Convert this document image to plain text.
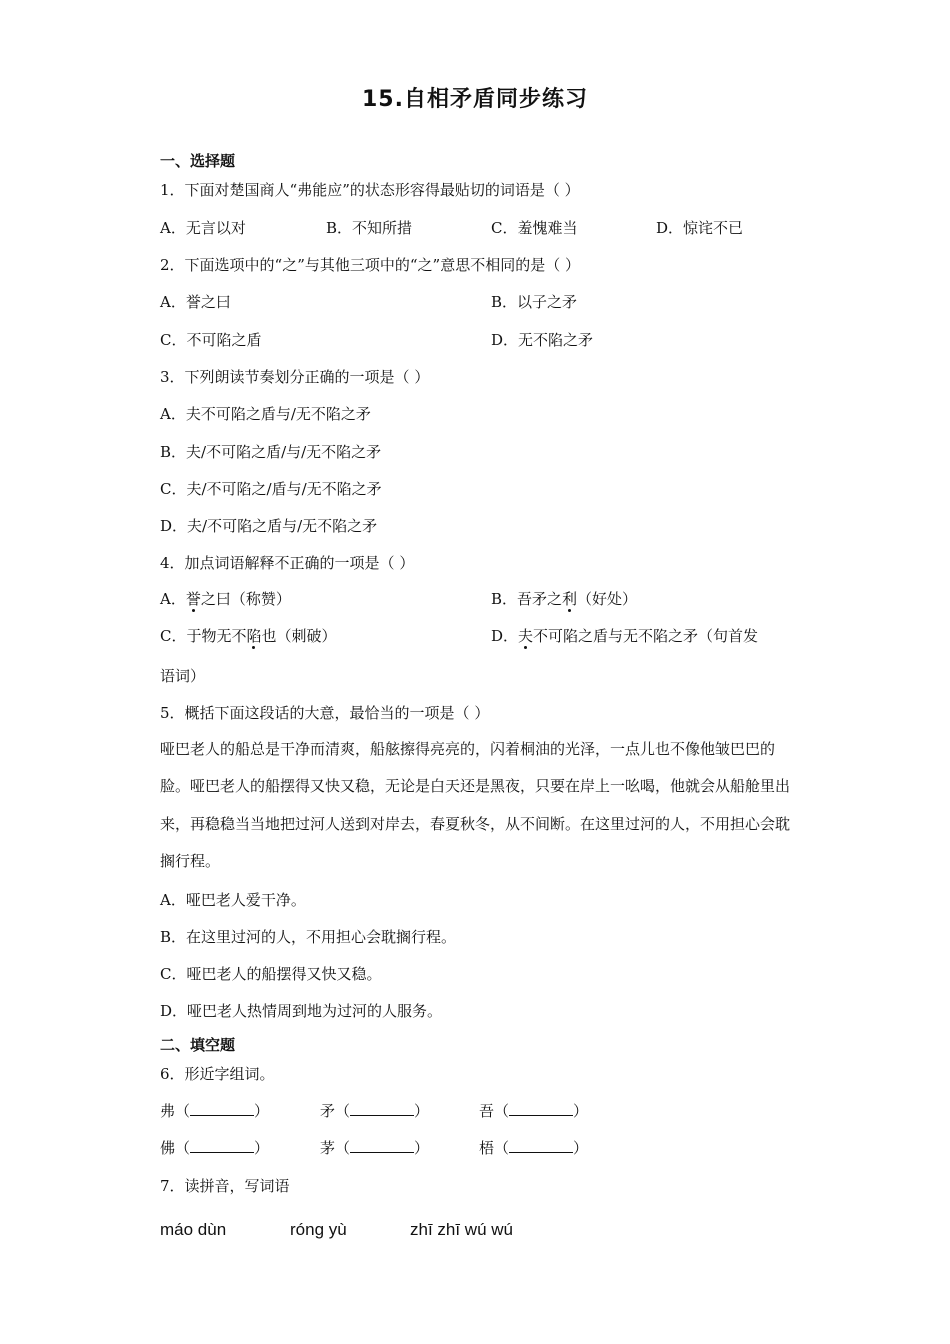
15.自相矛盾同步练习
一、选择题
1．下面对楚国商人“弗能应”的状态形容得最贴切的词语是（ ）
A．无言以对	B．不知所措	C．羞愧难当	D．惊诧不已
2．下面选项中的“之”与其他三项中的“之”意思不相同的是（ ）
A．誉之曰	B．以子之矛
C．不可陷之盾	D．无不陷之矛
3．下列朗读节奏划分正确的一项是（ ）
A．夫不可陷之盾与/无不陷之矛
B．夫/不可陷之盾/与/无不陷之矛
C．夫/不可陷之/盾与/无不陷之矛
D．夫/不可陷之盾与/无不陷之矛
4．加点词语解释不正确的一项是（ ）
A．誉之曰（称赞）	B．吾矛之利（好处）
C．于物无不陷也（刺破）	D．夫不可陷之盾与无不陷之矛（句首发
语词）
5．概括下面这段话的大意，最恰当的一项是（ ）
哑巴老人的船总是干净而清爽，船舷擦得亮亮的，闪着桐油的光泽，一点儿也不像他皱巴巴的脸。哑巴老人的船摆得又快又稳，无论是白天还是黑夜，只要在岸上一吆喝，他就会从船舱里出来，再稳稳当当地把过河人送到对岸去，春夏秋冬，从不间断。在这里过河的人，不用担心会耽搁行程。
A．哑巴老人爱干净。
B．在这里过河的人，不用担心会耽搁行程。
C．哑巴老人的船摆得又快又稳。
D．哑巴老人热情周到地为过河的人服务。
二、填空题
6．形近字组词。
弗（	）	矛（	）	吾（	）
佛（	）	茅（	）	梧（	）
7．读拼音，写词语
máo dùn	róng yù	zhī zhī wú wú
